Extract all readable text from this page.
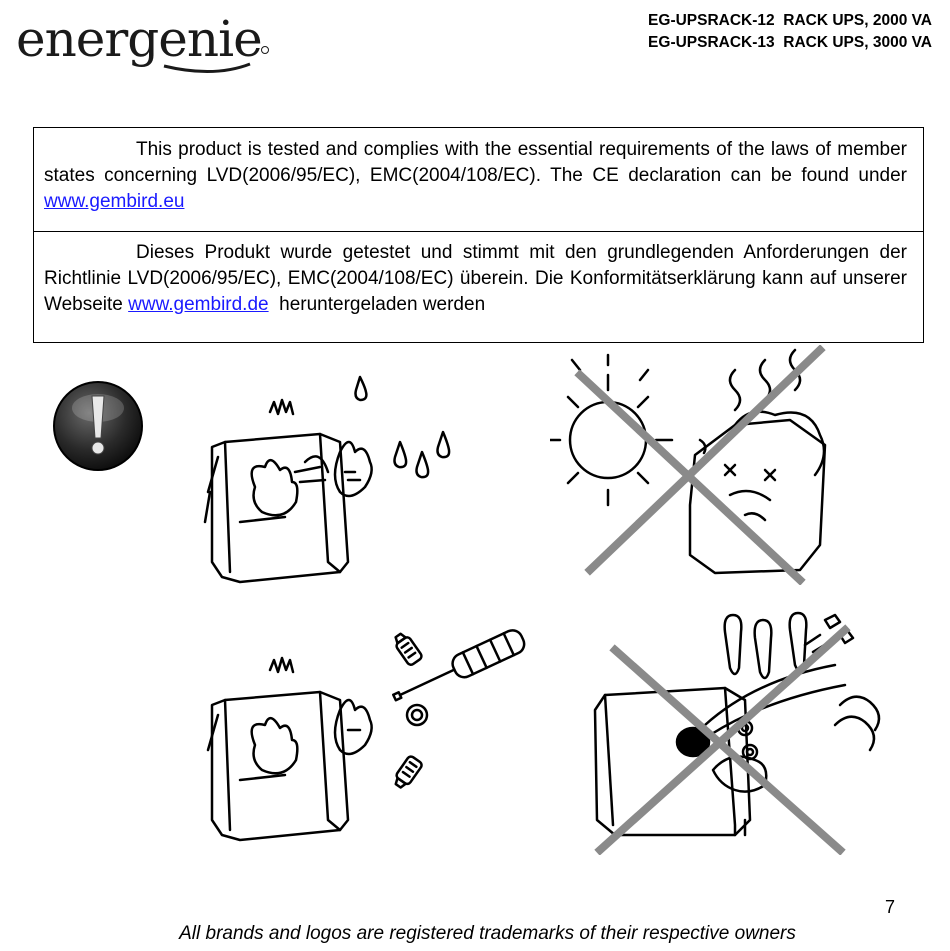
energenie	EG-UPSRACK-12  RACK UPS, 2000 VA
EG-UPSRACK-13  RACK UPS, 3000 VA
This product is tested and complies with the essential requirements of the laws of member states concerning LVD(2006/95/EC), EMC(2004/108/EC). The CE declaration can be found under www.gembird.eu
Dieses Produkt wurde getestet und stimmt mit den grundlegenden Anforderungen der Richtlinie LVD(2006/95/EC), EMC(2004/108/EC) überein. Die Konformitätserklärung kann auf unserer Webseite www.gembird.de  heruntergeladen werden
7
All brands and logos are registered trademarks of their respective owners
